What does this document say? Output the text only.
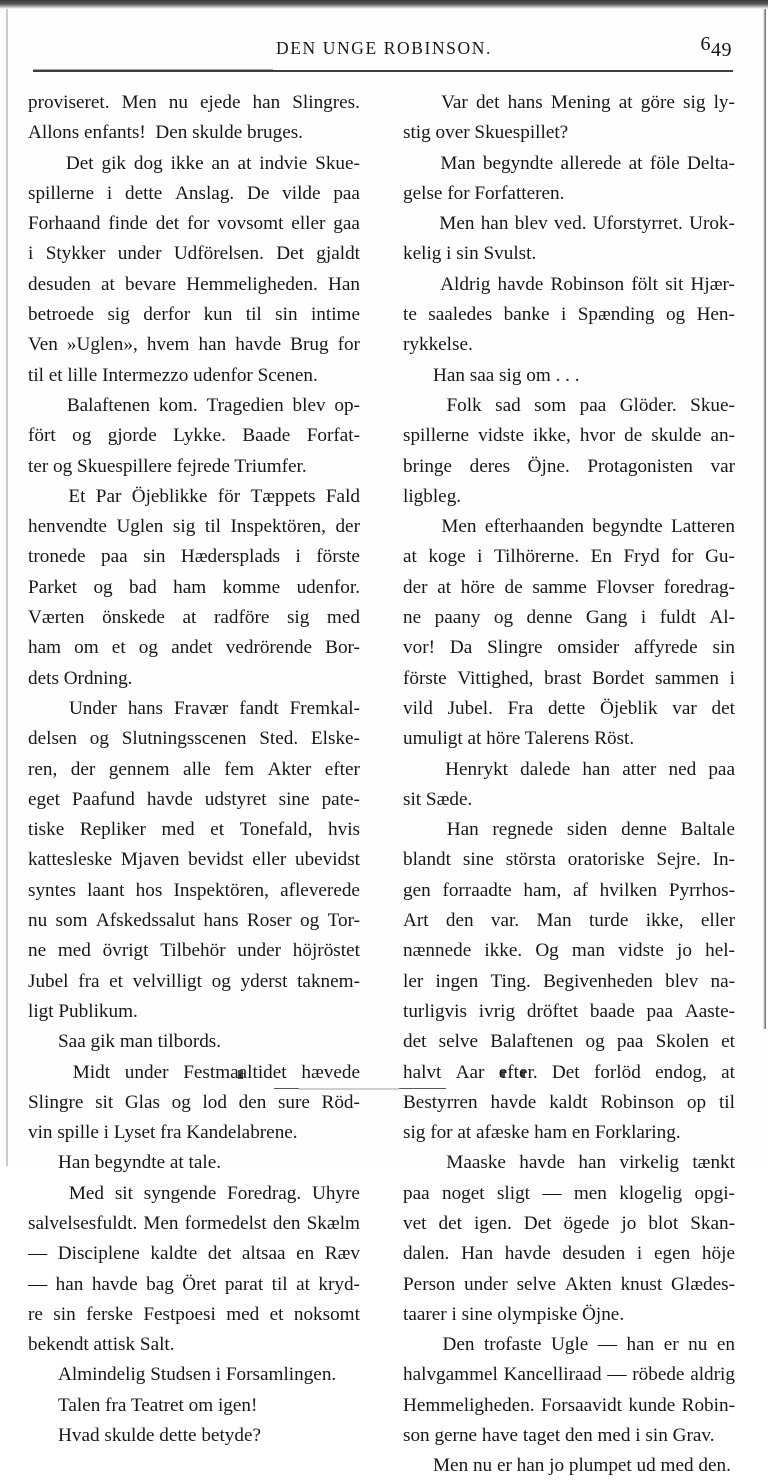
DEN UNGE ROBINSON.	649
proviseret. Men nu ejede han Slingres.
Allons enfants!  Den skulde bruges.
Det gik dog ikke an at indvie Skue-
spillerne i dette Anslag. De vilde paa
Forhaand finde det for vovsomt eller gaa
i Stykker under Udförelsen. Det gjaldt
desuden at bevare Hemmeligheden. Han
betroede sig derfor kun til sin intime
Ven »Uglen», hvem han havde Brug for
til et lille Intermezzo udenfor Scenen.
Balaftenen kom. Tragedien blev op-
fört og gjorde Lykke. Baade Forfat-
ter og Skuespillere fejrede Triumfer.
Et Par Öjeblikke för Tæppets Fald
henvendte Uglen sig til Inspektören, der
tronede paa sin Hædersplads i förste
Parket og bad ham komme udenfor.
Værten önskede at radföre sig med
ham om et og andet vedrörende Bor-
dets Ordning.
Under hans Fravær fandt Fremkal-
delsen og Slutningsscenen Sted. Elske-
ren, der gennem alle fem Akter efter
eget Paafund havde udstyret sine pate-
tiske Repliker med et Tonefald, hvis
kattesleske Mjaven bevidst eller ubevidst
syntes laant hos Inspektören, afleverede
nu som Afskedssalut hans Roser og Tor-
ne med övrigt Tilbehör under höjröstet
Jubel fra et velvilligt og yderst taknem-
ligt Publikum.
Saa gik man tilbords.
Midt under Festmaaltidet hævede
Slingre sit Glas og lod den sure Röd-
vin spille i Lyset fra Kandelabrene.
Han begyndte at tale.
Med sit syngende Foredrag. Uhyre
salvelsesfuldt. Men formedelst den Skælm
— Disciplene kaldte det altsaa en Ræv
— han havde bag Öret parat til at kryd-
re sin ferske Festpoesi med et noksomt
bekendt attisk Salt.
Almindelig Studsen i Forsamlingen.
Talen fra Teatret om igen!
Hvad skulde dette betyde?
Var det hans Mening at göre sig ly-
stig over Skuespillet?
Man begyndte allerede at föle Delta-
gelse for Forfatteren.
Men han blev ved. Uforstyrret. Urok-
kelig i sin Svulst.
Aldrig havde Robinson fölt sit Hjær-
te saaledes banke i Spænding og Hen-
rykkelse.
Han saa sig om . . .
Folk sad som paa Glöder. Skue-
spillerne vidste ikke, hvor de skulde an-
bringe deres Öjne. Protagonisten var
ligbleg.
Men efterhaanden begyndte Latteren
at koge i Tilhörerne. En Fryd for Gu-
der at höre de samme Flovser foredrag-
ne paany og denne Gang i fuldt Al-
vor! Da Slingre omsider affyrede sin
förste Vittighed, brast Bordet sammen i
vild Jubel. Fra dette Öjeblik var det
umuligt at höre Talerens Röst.
Henrykt dalede han atter ned paa
sit Sæde.
Han regnede siden denne Baltale
blandt sine största oratoriske Sejre. In-
gen forraadte ham, af hvilken Pyrrhos-
Art den var. Man turde ikke, eller
nænnede ikke. Og man vidste jo hel-
ler ingen Ting. Begivenheden blev na-
turligvis ivrig dröftet baade paa Aaste-
det selve Balaftenen og paa Skolen et
halvt Aar efter. Det forlöd endog, at
Bestyrren havde kaldt Robinson op til
sig for at afæske ham en Forklaring.
Maaske havde han virkelig tænkt
paa noget sligt — men klogelig opgi-
vet det igen. Det ögede jo blot Skan-
dalen. Han havde desuden i egen höje
Person under selve Akten knust Glædes-
taarer i sine olympiske Öjne.
Den trofaste Ugle — han er nu en
halvgammel Kancelliraad — röbede aldrig
Hemmeligheden. Forsaavidt kunde Robin-
son gerne have taget den med i sin Grav.
Men nu er han jo plumpet ud med den.
